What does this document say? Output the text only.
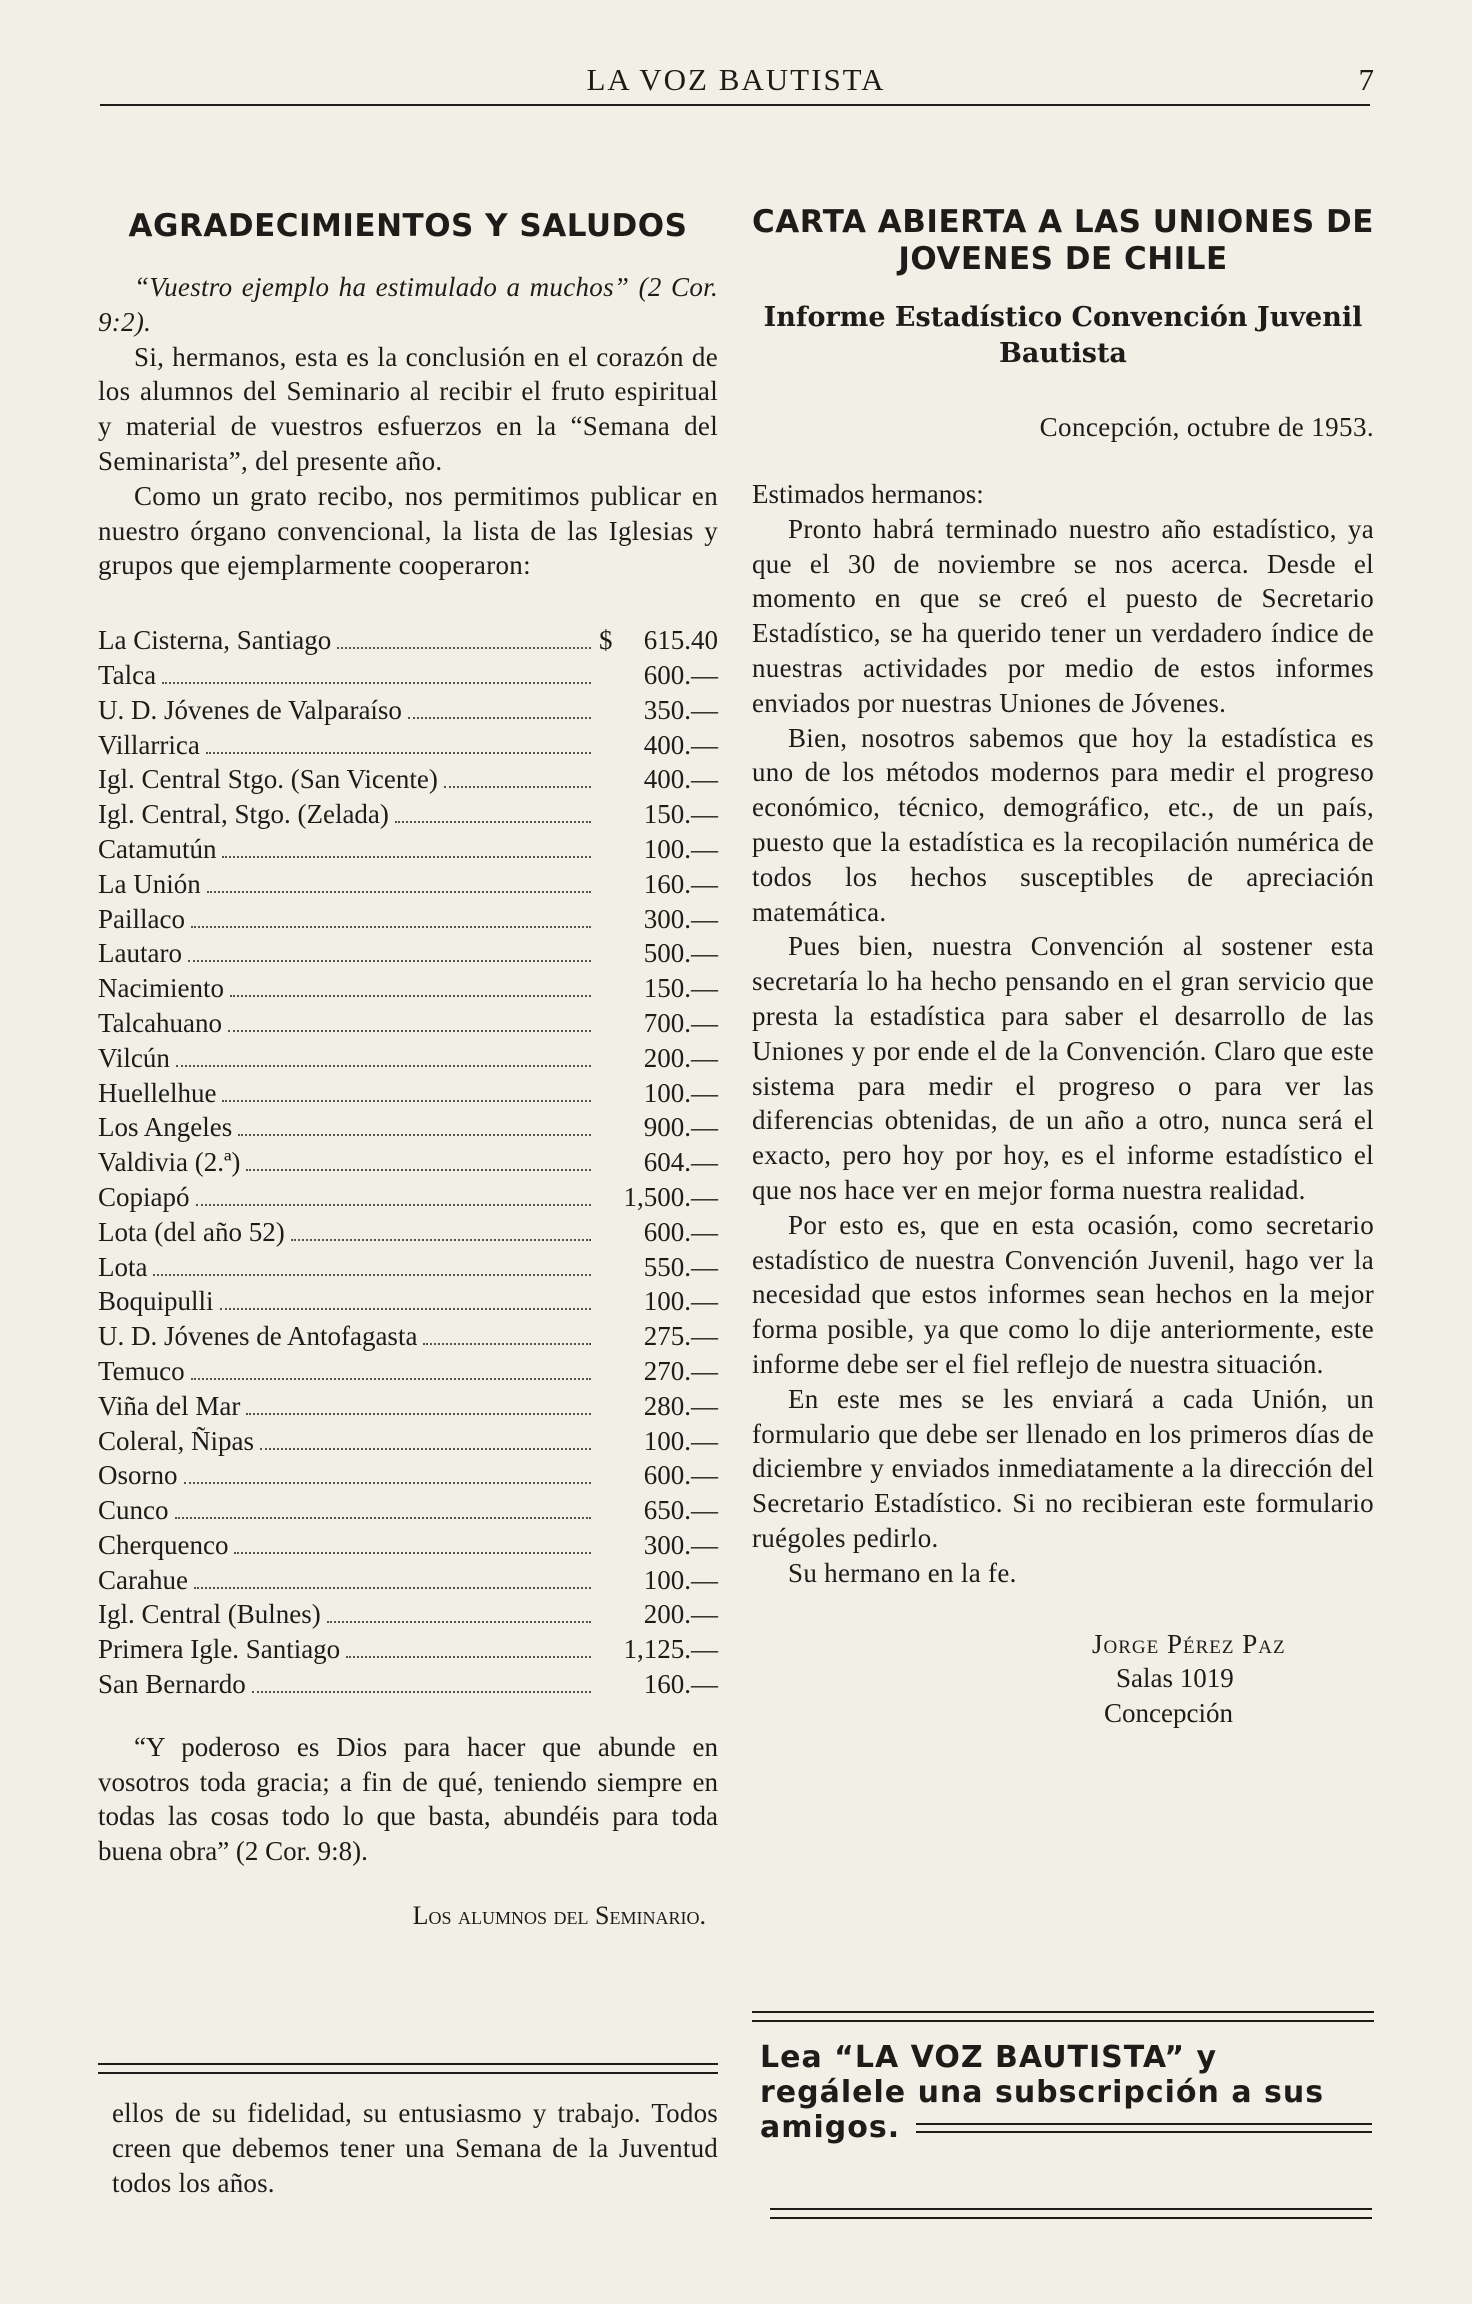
LA VOZ BAUTISTA	7
AGRADECIMIENTOS Y SALUDOS

“Vuestro ejemplo ha estimulado a muchos” (2 Cor. 9:2).

Si, hermanos, esta es la conclusión en el corazón de los alumnos del Seminario al recibir el fruto espiritual y material de vuestros esfuerzos en la “Semana del Seminarista”, del presente año.

Como un grato recibo, nos permitimos publicar en nuestro órgano convencional, la lista de las Iglesias y grupos que ejemplarmente cooperaron:

La Cisterna, Santiago	$	615.40
Talca	600.—
U. D. Jóvenes de Valparaíso	350.—
Villarrica	400.—
Igl. Central Stgo. (San Vicente)	400.—
Igl. Central, Stgo. (Zelada)	150.—
Catamutún	100.—
La Unión	160.—
Paillaco	300.—
Lautaro	500.—
Nacimiento	150.—
Talcahuano	700.—
Vilcún	200.—
Huellelhue	100.—
Los Angeles	900.—
Valdivia (2.ª)	604.—
Copiapó	1,500.—
Lota (del año 52)	600.—
Lota	550.—
Boquipulli	100.—
U. D. Jóvenes de Antofagasta	275.—
Temuco	270.—
Viña del Mar	280.—
Coleral, Ñipas	100.—
Osorno	600.—
Cunco	650.—
Cherquenco	300.—
Carahue	100.—
Igl. Central (Bulnes)	200.—
Primera Igle. Santiago	1,125.—
San Bernardo	160.—

“Y poderoso es Dios para hacer que abunde en vosotros toda gracia; a fin de qué, teniendo siempre en todas las cosas todo lo que basta, abundéis para toda buena obra” (2 Cor. 9:8).

Los alumnos del Seminario.

ellos de su fidelidad, su entusiasmo y trabajo. Todos creen que debemos tener una Semana de la Juventud todos los años.

CARTA ABIERTA A LAS UNIONES DE JOVENES DE CHILE
Informe Estadístico Convención Juvenil Bautista
Concepción, octubre de 1953.
Estimados hermanos:

Pronto habrá terminado nuestro año estadístico, ya que el 30 de noviembre se nos acerca. Desde el momento en que se creó el puesto de Secretario Estadístico, se ha querido tener un verdadero índice de nuestras actividades por medio de estos informes enviados por nuestras Uniones de Jóvenes.

Bien, nosotros sabemos que hoy la estadística es uno de los métodos modernos para medir el progreso económico, técnico, demográfico, etc., de un país, puesto que la estadística es la recopilación numérica de todos los hechos susceptibles de apreciación matemática.

Pues bien, nuestra Convención al sostener esta secretaría lo ha hecho pensando en el gran servicio que presta la estadística para saber el desarrollo de las Uniones y por ende el de la Convención. Claro que este sistema para medir el progreso o para ver las diferencias obtenidas, de un año a otro, nunca será el exacto, pero hoy por hoy, es el informe estadístico el que nos hace ver en mejor forma nuestra realidad.

Por esto es, que en esta ocasión, como secretario estadístico de nuestra Convención Juvenil, hago ver la necesidad que estos informes sean hechos en la mejor forma posible, ya que como lo dije anteriormente, este informe debe ser el fiel reflejo de nuestra situación.

En este mes se les enviará a cada Unión, un formulario que debe ser llenado en los primeros días de diciembre y enviados inmediatamente a la dirección del Secretario Estadístico. Si no recibieran este formulario ruégoles pedirlo.

Su hermano en la fe.

Jorge Pérez Paz
Salas 1019
Concepción
Lea “LA VOZ BAUTISTA” y
regálele una subscripción a sus
amigos.
